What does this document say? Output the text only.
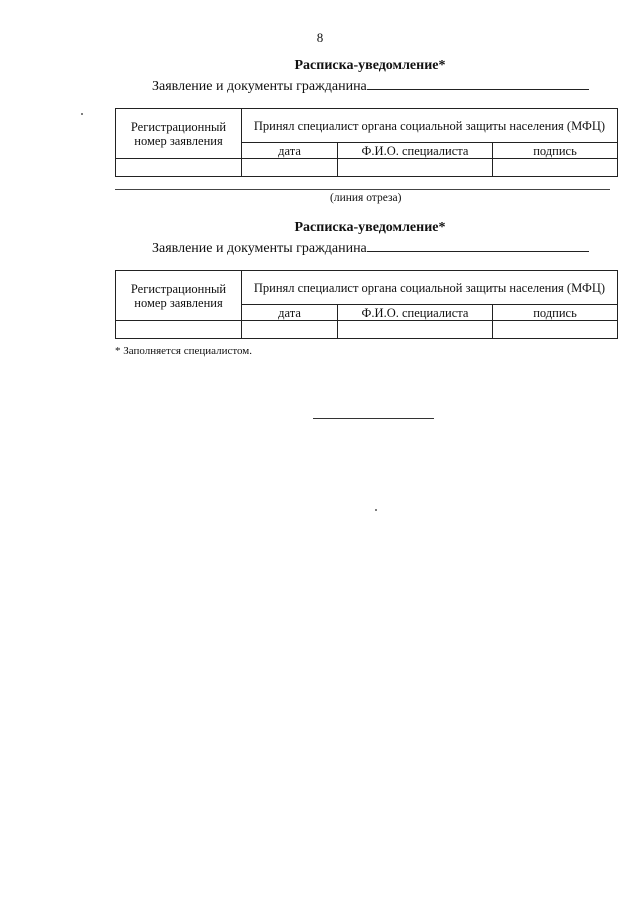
8
Расписка-уведомление*
Заявление и документы гражданина
Регистрационный номер заявления	Принял специалист органа социальной защиты населения (МФЦ)		
	дата	Ф.И.О. специалиста	подпись

(линия отреза)
Расписка-уведомление*
Заявление и документы гражданина
Регистрационный номер заявления	Принял специалист органа социальной защиты населения (МФЦ)		
	дата	Ф.И.О. специалиста	подпись

* Заполняется специалистом.
